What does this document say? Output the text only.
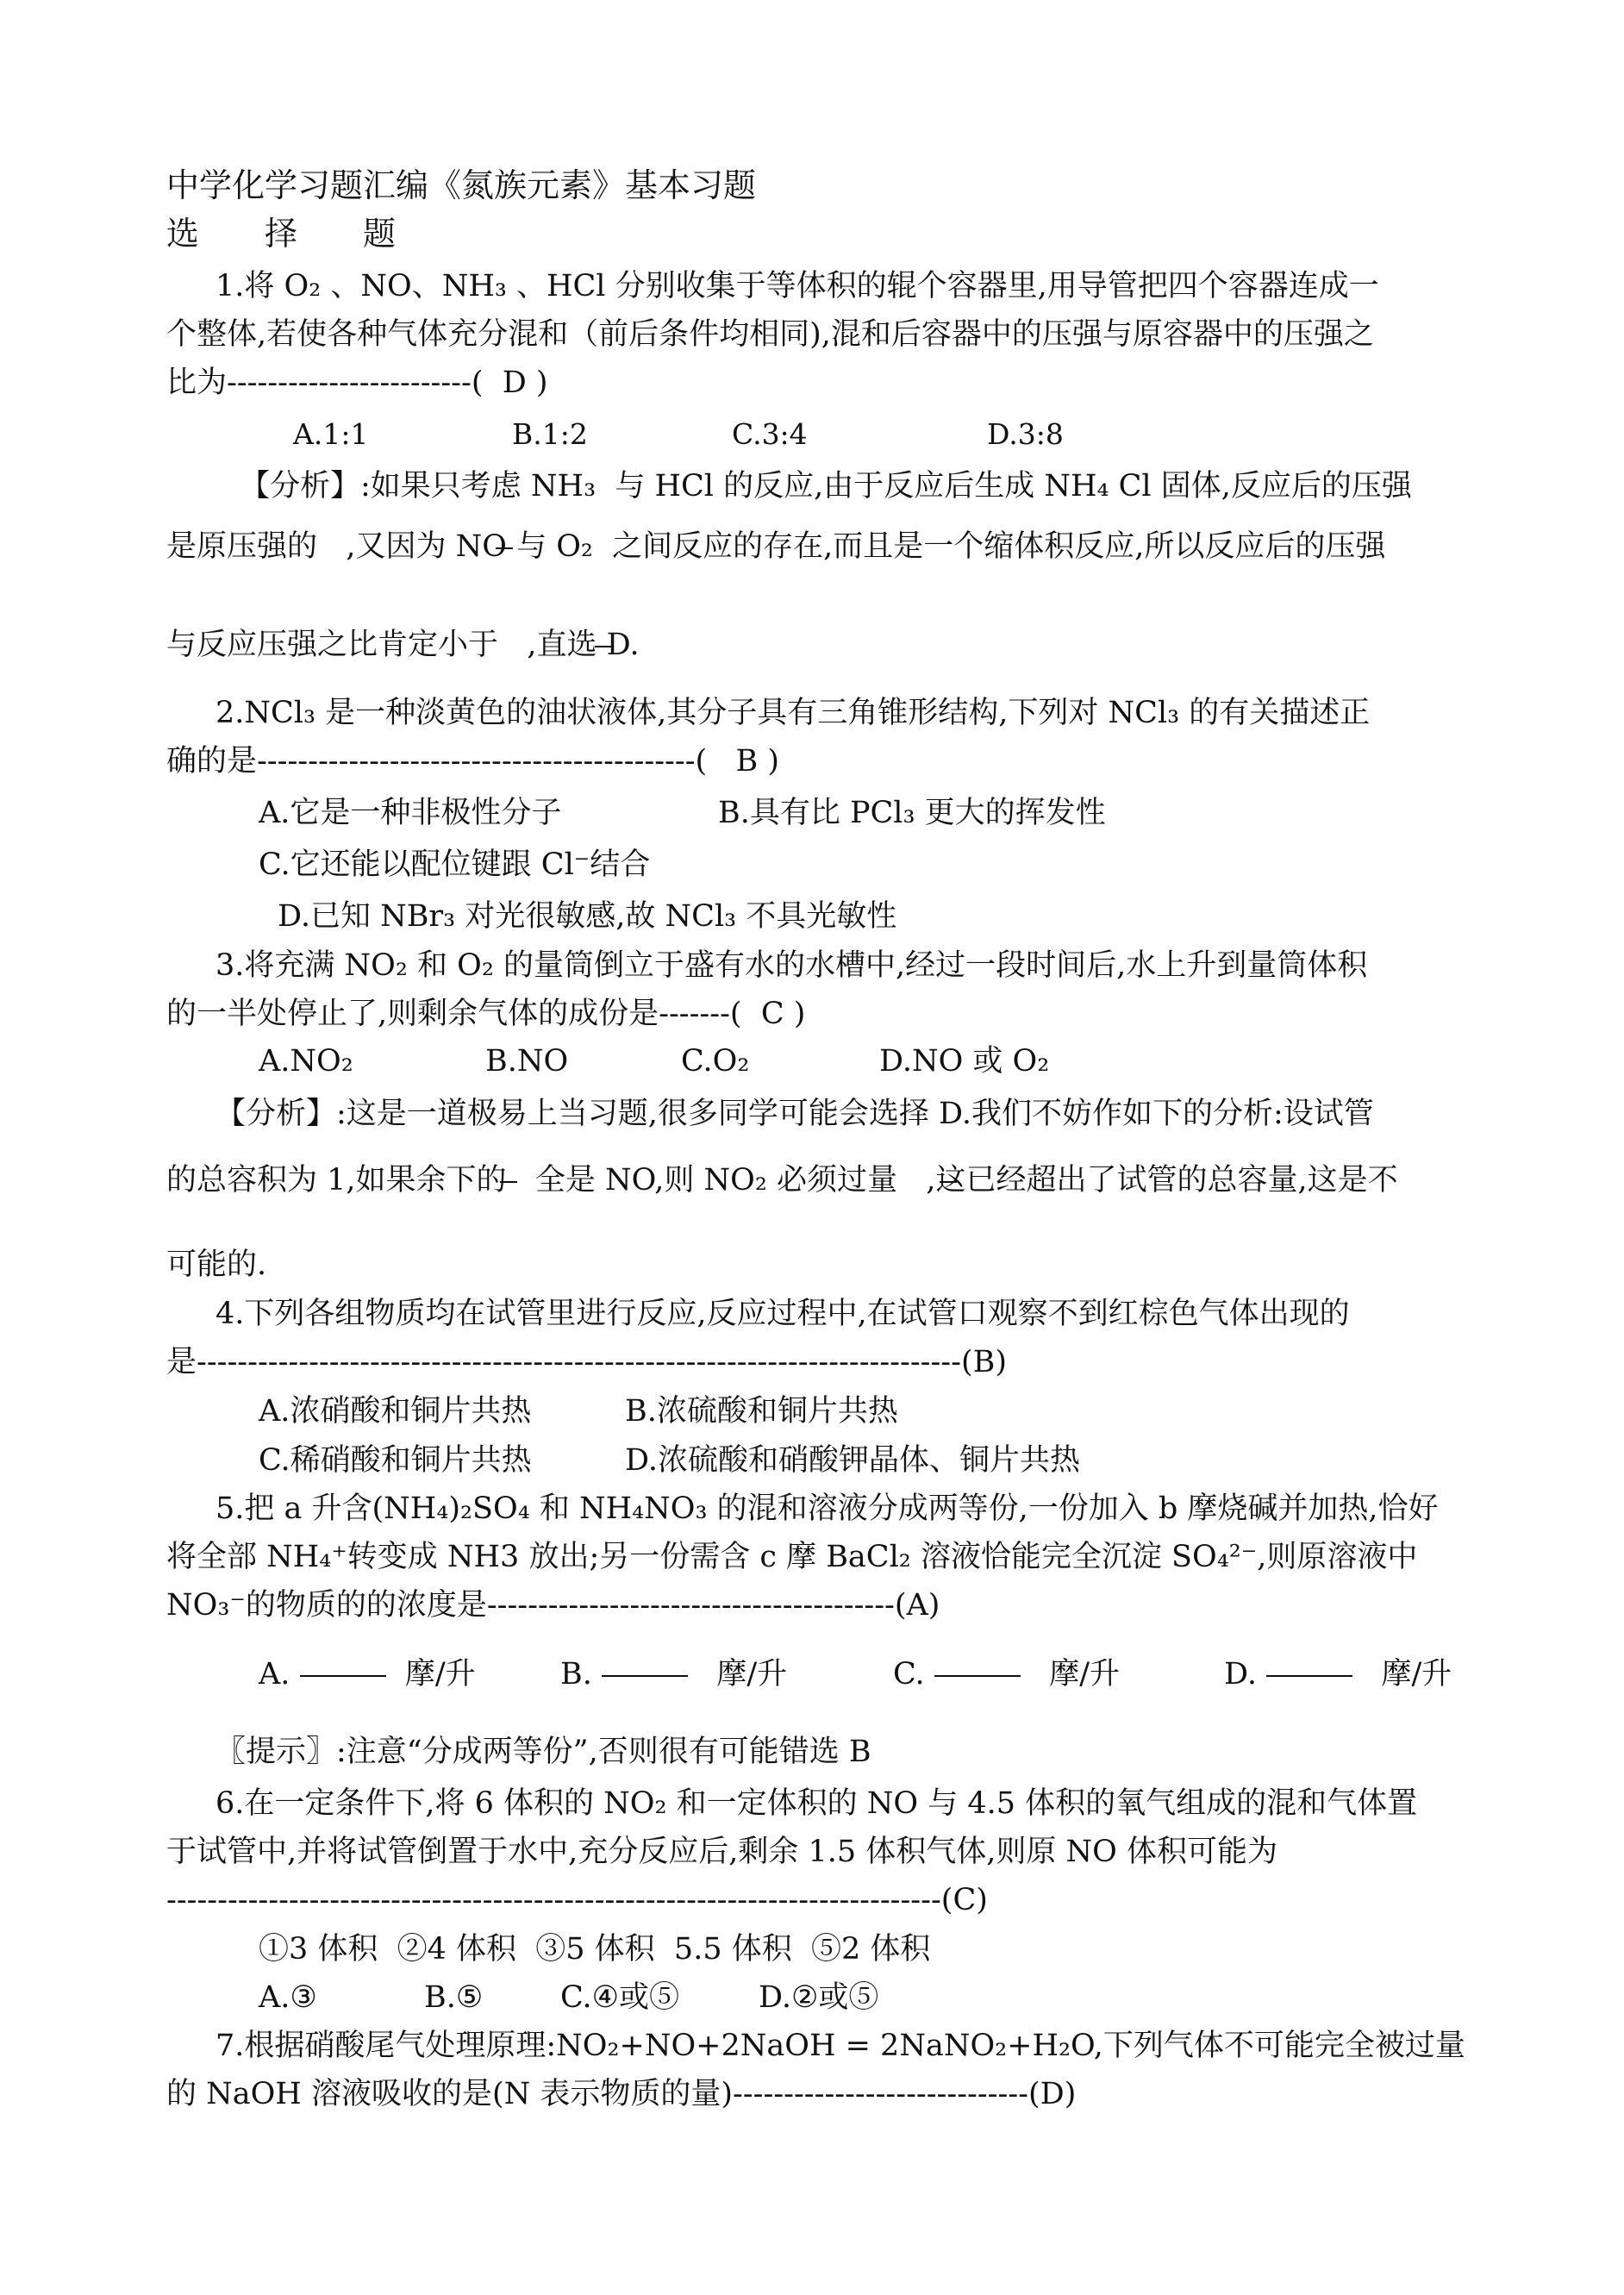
中学化学习题汇编《氮族元素》基本习题
选　　择　　题
1.将 O₂ 、NO、NH₃ 、HCl 分别收集于等体积的辊个容器里,用导管把四个容器连成一
个整体,若使各种气体充分混和（前后条件均相同),混和后容器中的压强与原容器中的压强之
比为------------------------(  D )
A.1:1	B.1:2	C.3:4	D.3:8
【分析】:如果只考虑 NH₃  与 HCl 的反应,由于反应后生成 NH₄ Cl 固体,反应后的压强
是原压强的   ,又因为 NO 与 O₂  之间反应的存在,而且是一个缩体积反应,所以反应后的压强
与反应压强之比肯定小于   ,直选 D.
2.NCl₃ 是一种淡黄色的油状液体,其分子具有三角锥形结构,下列对 NCl₃ 的有关描述正
确的是-------------------------------------------(   B )
A.它是一种非极性分子	B.具有比 PCl₃ 更大的挥发性
C.它还能以配位键跟 Cl⁻结合
D.已知 NBr₃ 对光很敏感,故 NCl₃ 不具光敏性
3.将充满 NO₂ 和 O₂ 的量筒倒立于盛有水的水槽中,经过一段时间后,水上升到量筒体积
的一半处停止了,则剩余气体的成份是-------(  C )
A.NO₂	B.NO	C.O₂	D.NO 或 O₂
【分析】:这是一道极易上当习题,很多同学可能会选择 D.我们不妨作如下的分析:设试管
的总容积为 1,如果余下的   全是 NO,则 NO₂ 必须过量   ,这已经超出了试管的总容量,这是不
可能的.
4.下列各组物质均在试管里进行反应,反应过程中,在试管口观察不到红棕色气体出现的
是---------------------------------------------------------------------------(B)
A.浓硝酸和铜片共热	B.浓硫酸和铜片共热
C.稀硝酸和铜片共热	D.浓硫酸和硝酸钾晶体、铜片共热
5.把 a 升含(NH₄)₂SO₄ 和 NH₄NO₃ 的混和溶液分成两等份,一份加入 b 摩烧碱并加热,恰好
将全部 NH₄⁺转变成 NH3 放出;另一份需含 c 摩 BaCl₂ 溶液恰能完全沉淀 SO₄²⁻,则原溶液中
NO₃⁻的物质的的浓度是----------------------------------------(A)
A.	摩/升	B.	摩/升	C.	摩/升	D.	摩/升
〖提示〗:注意“分成两等份”,否则很有可能错选 B
6.在一定条件下,将 6 体积的 NO₂ 和一定体积的 NO 与 4.5 体积的氧气组成的混和气体置
于试管中,并将试管倒置于水中,充分反应后,剩余 1.5 体积气体,则原 NO 体积可能为
----------------------------------------------------------------------------(C)
①3 体积  ②4 体积  ③5 体积  5.5 体积  ⑤2 体积
A.③	B.⑤	C.④或⑤	D.②或⑤
7.根据硝酸尾气处理原理:NO₂+NO+2NaOH = 2NaNO₂+H₂O,下列气体不可能完全被过量
的 NaOH 溶液吸收的是(N 表示物质的量)-----------------------------(D)
